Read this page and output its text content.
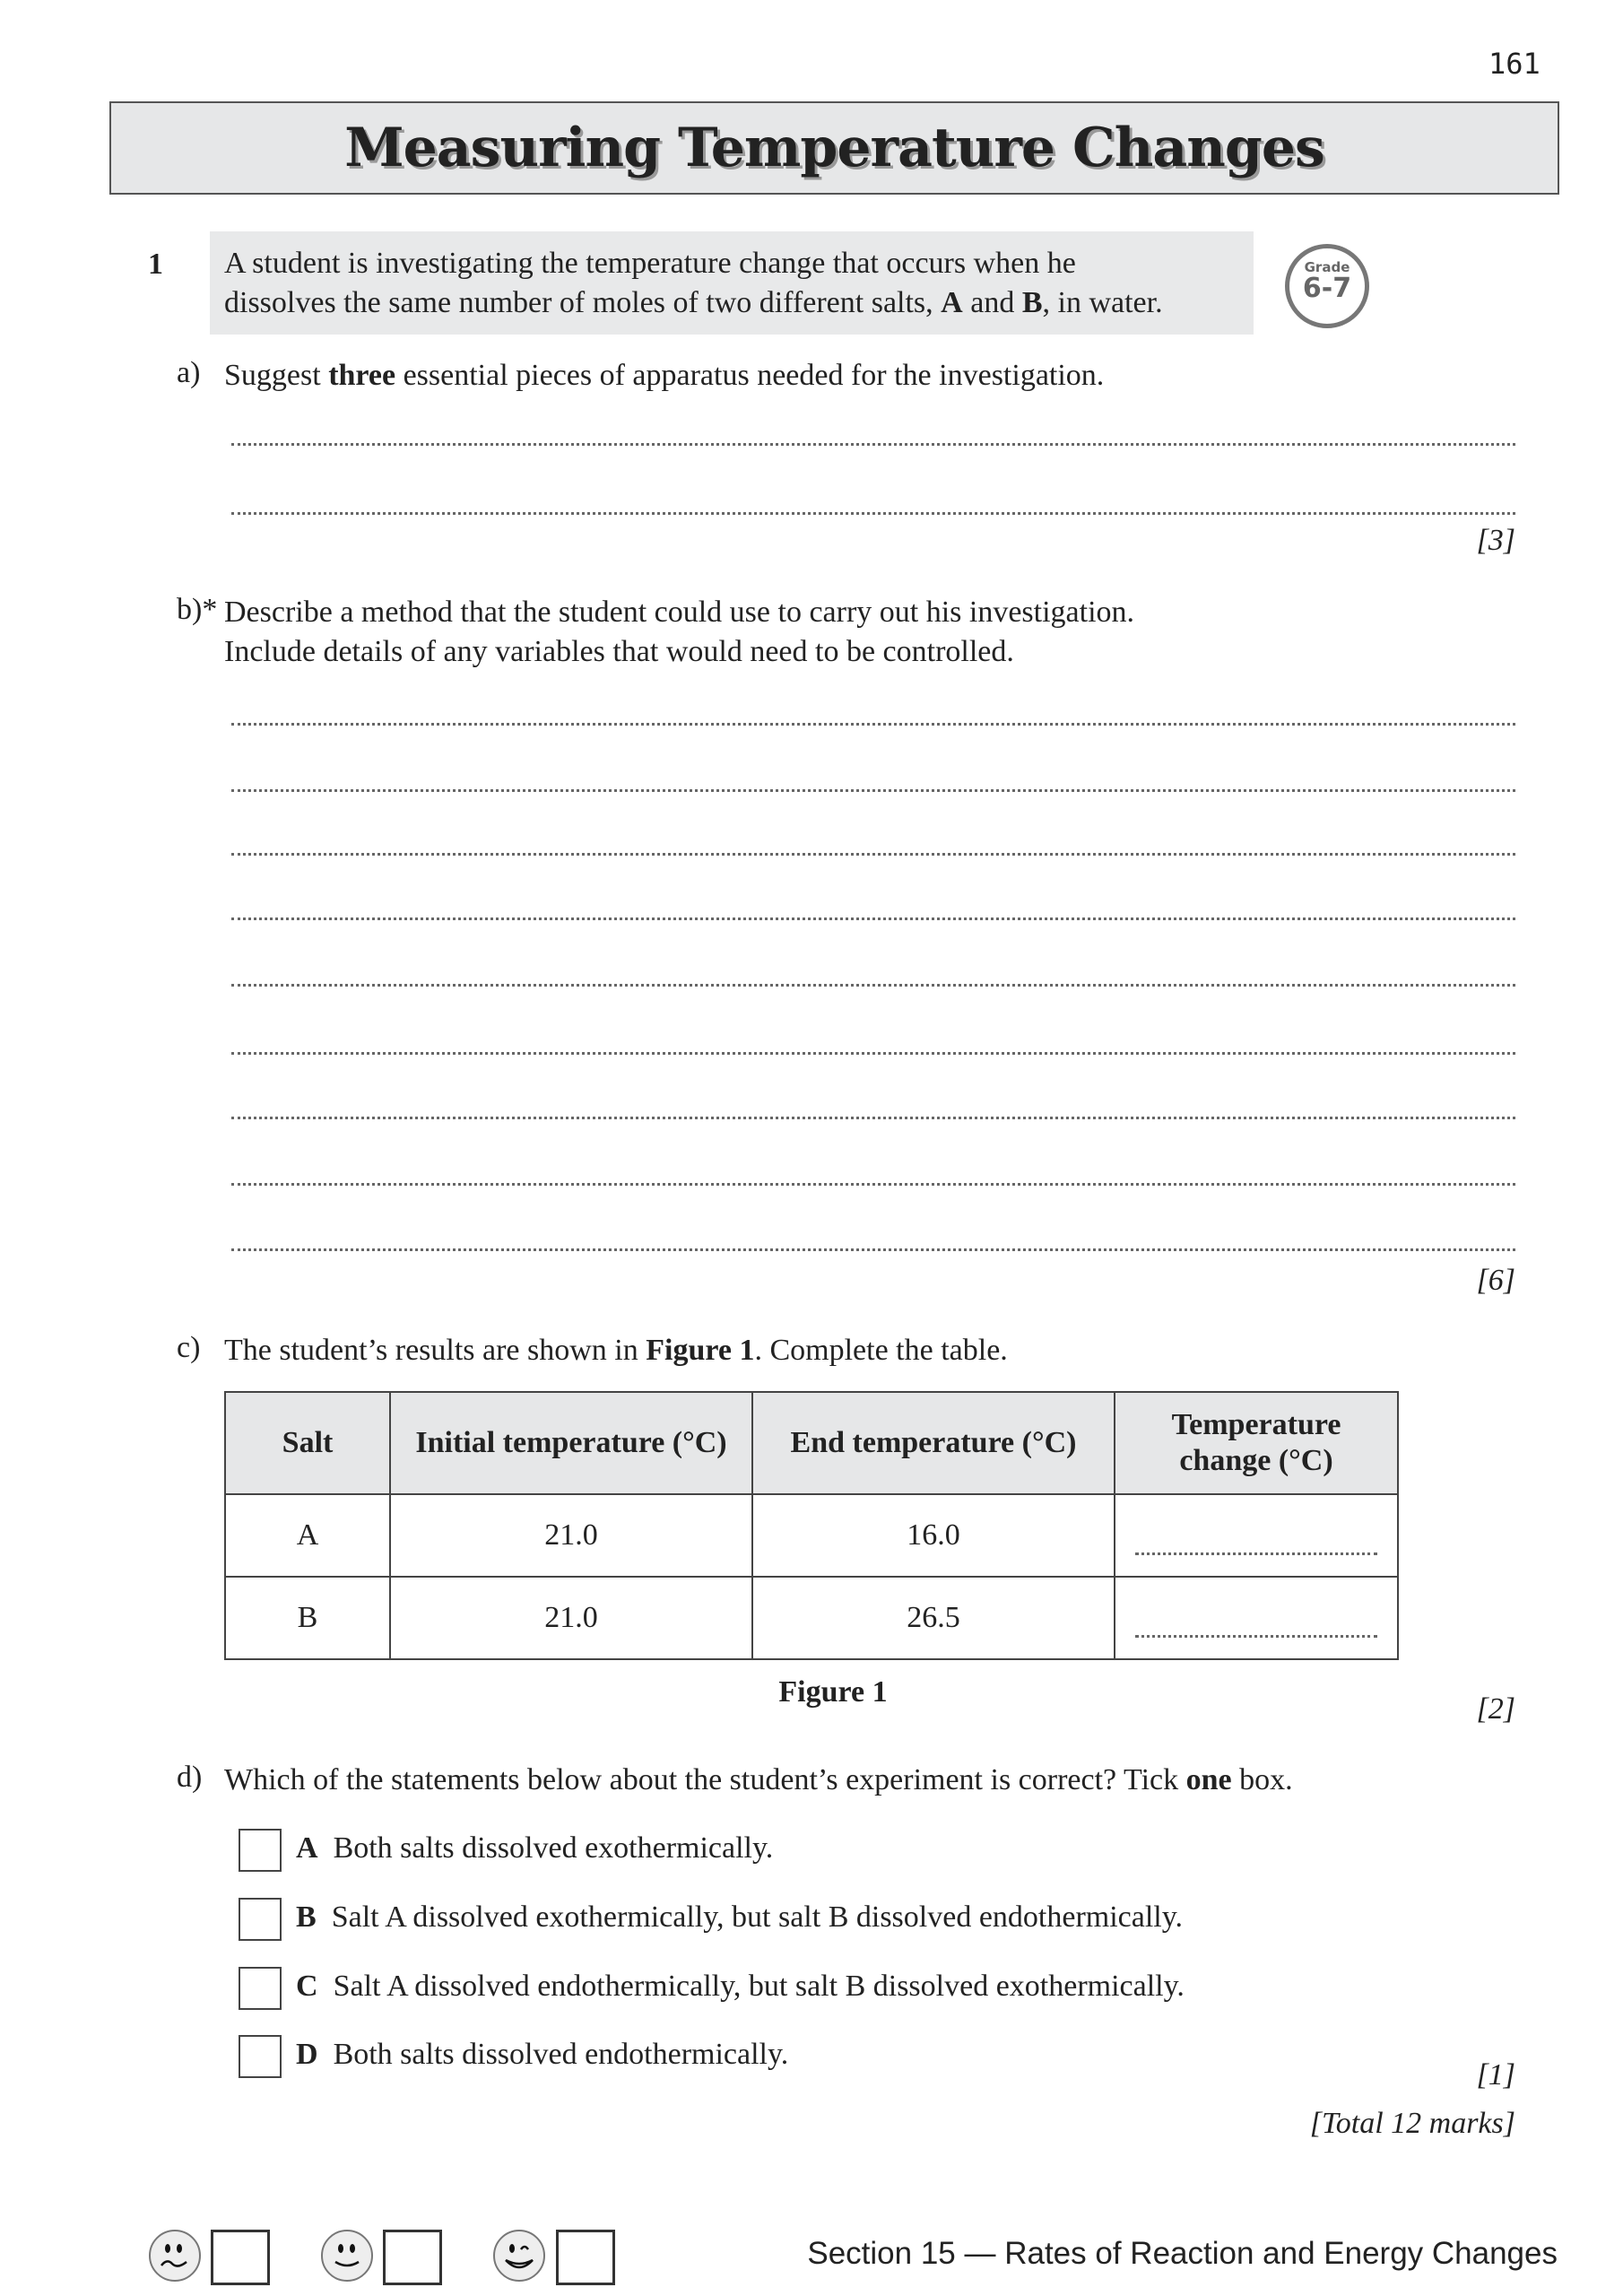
161
Measuring Temperature Changes
1 A student is investigating the temperature change that occurs when he
dissolves the same number of moles of two different salts, A and B, in water.
Grade
6-7
a) Suggest three essential pieces of apparatus needed for the investigation.
[3]
b)* Describe a method that the student could use to carry out his investigation.
Include details of any variables that would need to be controlled.
[6]
c) The student’s results are shown in Figure 1. Complete the table.
Salt	Initial temperature (°C)	End temperature (°C)	Temperature change (°C)
A	21.0	16.0	
B	21.0	26.5	
Figure 1
[2]
d) Which of the statements below about the student’s experiment is correct? Tick one box.
A Both salts dissolved exothermically.
B Salt A dissolved exothermically, but salt B dissolved endothermically.
C Salt A dissolved endothermically, but salt B dissolved exothermically.
D Both salts dissolved endothermically.
[1]
[Total 12 marks]
Section 15 — Rates of Reaction and Energy Changes
